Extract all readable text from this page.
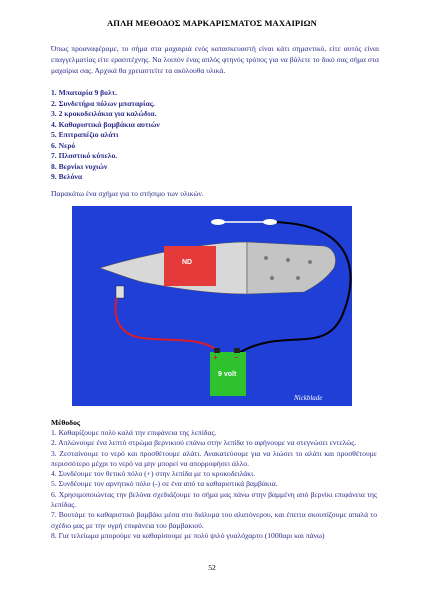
ΑΠΛΗ ΜΕΘΟΔΟΣ ΜΑΡΚΑΡΙΣΜΑΤΟΣ ΜΑΧΑΙΡΙΩΝ

Όπως προαναφέραμε, το σήμα στα μαχαιριά ενός κατασκευαστή είναι κάτι σημαντικό, είτε αυτός είναι επαγγελματίας είτε ερασιτέχνης. Να λοιπόν ένας απλός φτηνός τρόπος για να βάλετε το δικό σας σήμα στα μαχαίρια σας. Αρχικά θα χρειαστείτε τα ακόλουθα υλικά.

1. Μπαταρία 9 βολτ.
2. Συνδετήρα πόλων μπαταρίας.
3. 2 κροκοδειλάκια για καλώδια.
4. Καθαριστικά βαμβάκια αυτιών
5. Επιτραπέζιο αλάτι
6. Νερό
7. Πλαστικό κύπελο.
8. Βερνίκι νυχιών
9. Βελόνα

Παρακάτω ένα σχήμα για το στήσιμο των υλικών.

ND
+ −
9 volt
Nickblade

Μέθοδος

1. Καθαρίζουμε πολύ καλά την επιφάνεια της λεπίδας.
2. Απλώνουμε ένα λεπτό στρώμα βερνικιού επάνω στην λεπίδα το αφήνουμε να στεγνώσει εντελώς.
3. Ζεσταίνουμε το νερό και προσθέτουμε αλάτι. Ανακατεύουμε για να λιώσει το αλάτι και προσθέτουμε περισσότερο μέχρι το νερό να μην μπορεί να απορροφήσει άλλο.
4. Συνδέουμε τον θετικό πόλο (+) στην λεπίδα με το κροκοδειλάκι.
5. Συνδέουμε τον αρνητικό πόλο (-) σε ένα από τα καθαριστικά βαμβάκια.
6. Χρησιμοποιώντας την βελόνα σχεδιάζουμε το σήμα μας πάνω στην βαμμένη από βερνίκι επιφάνεια της λεπίδας.
7. Βουτάμε το καθαριστικό βαμβάκι μέσα στο διάλυμα του αλατόνερου, και έπειτα σκουπίζουμε απαλά το σχέδιο μας με την υγρή επιφάνεια του βαμβακιού.
8. Για τελείωμα μπορούμε να καθαρίσουμε με πολύ ψιλό γυαλόχαρτο (1000αρι και πάνω)
52
